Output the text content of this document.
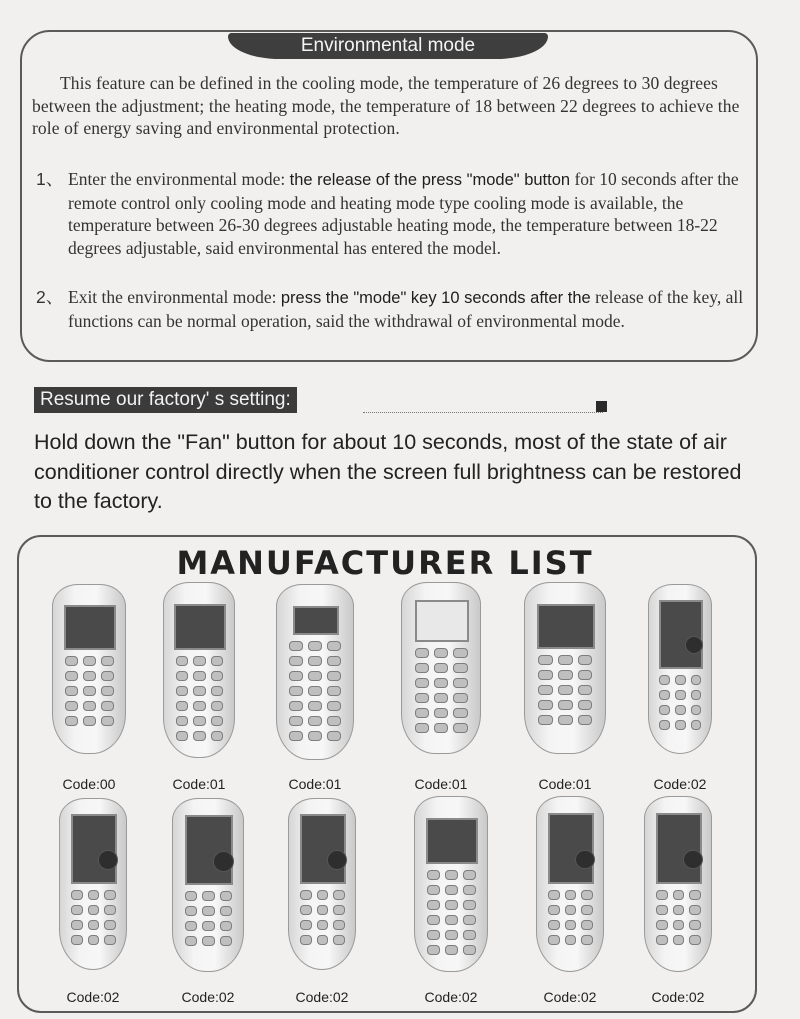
Environmental mode

This feature can be defined in the cooling mode, the temperature of 26 degrees to 30 degrees between the adjustment; the heating mode, the temperature of 18 between 22 degrees to achieve the role of energy saving and environmental protection.

1、 Enter the environmental mode: the release of the press "mode" button for 10 seconds after the remote control only cooling mode and heating mode type cooling mode is available, the temperature between 26-30 degrees adjustable heating mode, the temperature between 18-22 degrees adjustable, said environmental has entered the model.
2、 Exit the environmental mode: press the "mode" key 10 seconds after the release of the key, all functions can be normal operation, said the withdrawal of environmental mode.
Resume our factory' s setting:

Hold down the "Fan" button for about 10 seconds, most of the state of air conditioner control directly when the screen full brightness can be restored to the factory.

MANUFACTURER LIST
Code:00	Code:01	Code:01	Code:01	Code:01	Code:02
Code:02	Code:02	Code:02	Code:02	Code:02	Code:02
